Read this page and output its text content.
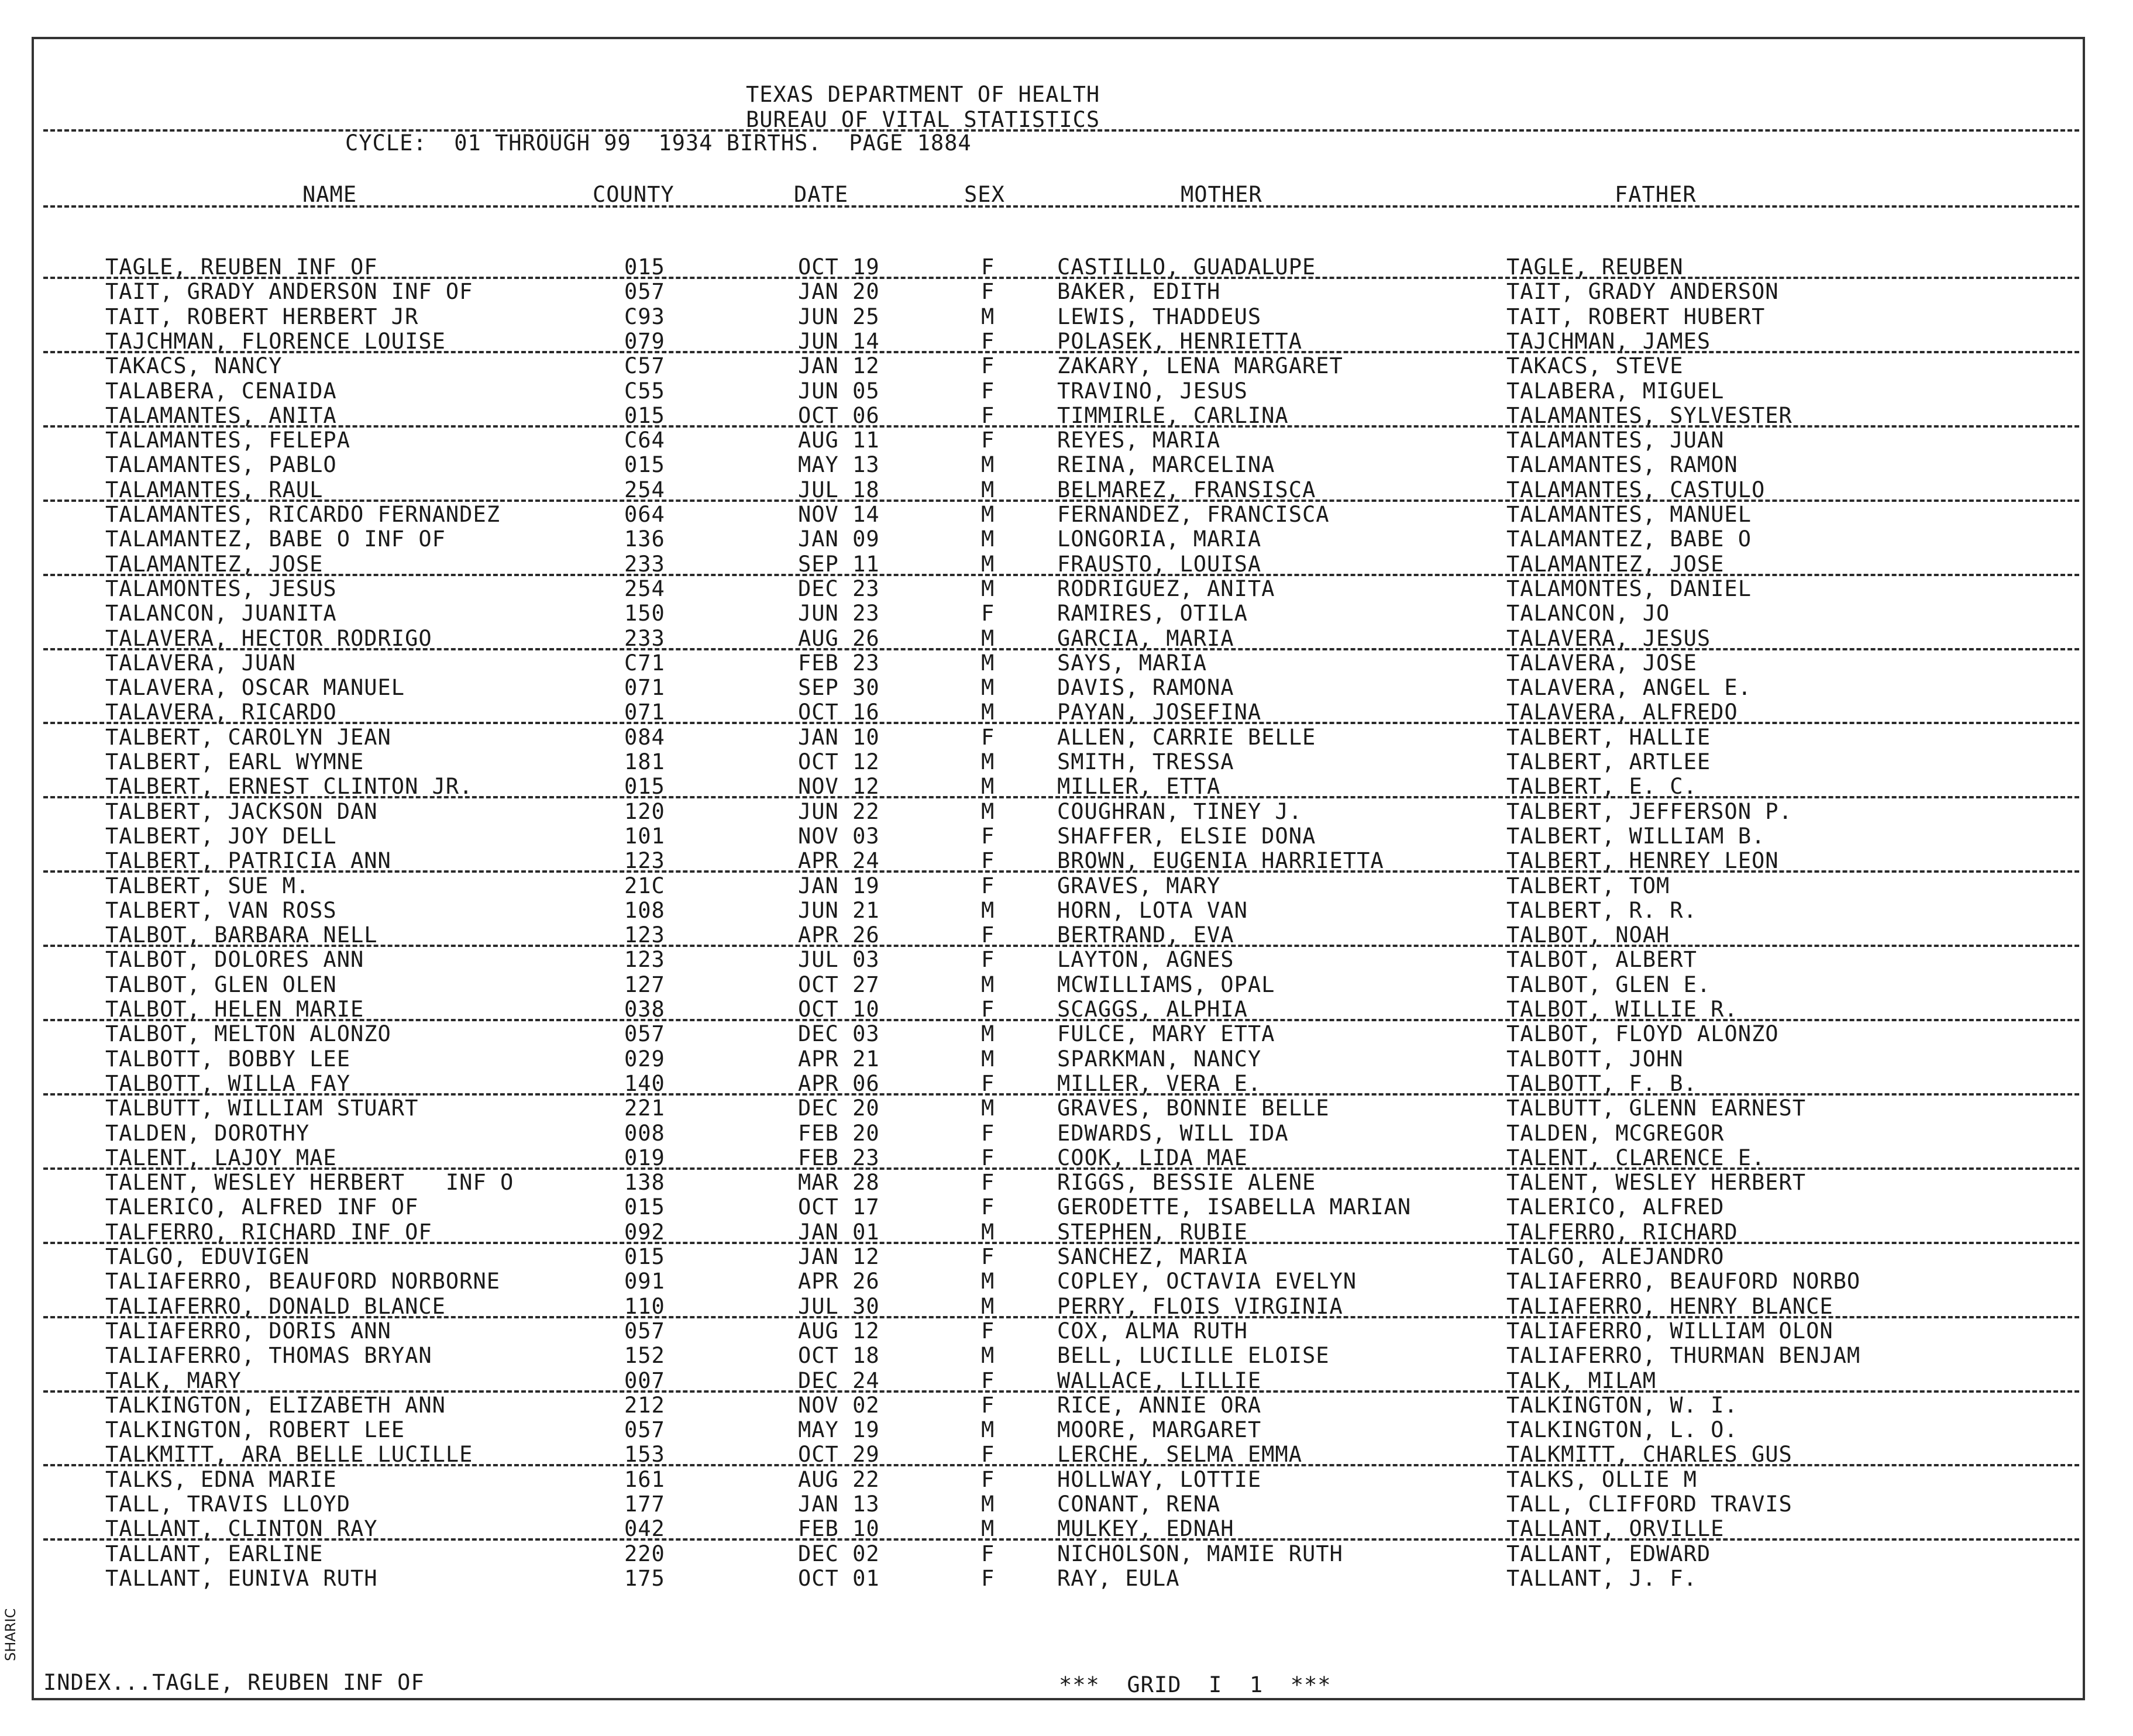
TEXAS DEPARTMENT OF HEALTH
BUREAU OF VITAL STATISTICS
CYCLE:  01 THROUGH 99  1934 BIRTHS.  PAGE 1884
NAME	COUNTY	DATE	SEX	MOTHER	FATHER
TAGLE, REUBEN INF OF	015	OCT 19	F	CASTILLO, GUADALUPE	TAGLE, REUBEN
TAIT, GRADY ANDERSON INF OF	057	JAN 20	F	BAKER, EDITH	TAIT, GRADY ANDERSON
TAIT, ROBERT HERBERT JR	C93	JUN 25	M	LEWIS, THADDEUS	TAIT, ROBERT HUBERT
TAJCHMAN, FLORENCE LOUISE	079	JUN 14	F	POLASEK, HENRIETTA	TAJCHMAN, JAMES
TAKACS, NANCY	C57	JAN 12	F	ZAKARY, LENA MARGARET	TAKACS, STEVE
TALABERA, CENAIDA	C55	JUN 05	F	TRAVINO, JESUS	TALABERA, MIGUEL
TALAMANTES, ANITA	015	OCT 06	F	TIMMIRLE, CARLINA	TALAMANTES, SYLVESTER
TALAMANTES, FELEPA	C64	AUG 11	F	REYES, MARIA	TALAMANTES, JUAN
TALAMANTES, PABLO	015	MAY 13	M	REINA, MARCELINA	TALAMANTES, RAMON
TALAMANTES, RAUL	254	JUL 18	M	BELMAREZ, FRANSISCA	TALAMANTES, CASTULO
TALAMANTES, RICARDO FERNANDEZ	064	NOV 14	M	FERNANDEZ, FRANCISCA	TALAMANTES, MANUEL
TALAMANTEZ, BABE O INF OF	136	JAN 09	M	LONGORIA, MARIA	TALAMANTEZ, BABE O
TALAMANTEZ, JOSE	233	SEP 11	M	FRAUSTO, LOUISA	TALAMANTEZ, JOSE
TALAMONTES, JESUS	254	DEC 23	M	RODRIGUEZ, ANITA	TALAMONTES, DANIEL
TALANCON, JUANITA	150	JUN 23	F	RAMIRES, OTILA	TALANCON, JO
TALAVERA, HECTOR RODRIGO	233	AUG 26	M	GARCIA, MARIA	TALAVERA, JESUS
TALAVERA, JUAN	C71	FEB 23	M	SAYS, MARIA	TALAVERA, JOSE
TALAVERA, OSCAR MANUEL	071	SEP 30	M	DAVIS, RAMONA	TALAVERA, ANGEL E.
TALAVERA, RICARDO	071	OCT 16	M	PAYAN, JOSEFINA	TALAVERA, ALFREDO
TALBERT, CAROLYN JEAN	084	JAN 10	F	ALLEN, CARRIE BELLE	TALBERT, HALLIE
TALBERT, EARL WYMNE	181	OCT 12	M	SMITH, TRESSA	TALBERT, ARTLEE
TALBERT, ERNEST CLINTON JR.	015	NOV 12	M	MILLER, ETTA	TALBERT, E. C.
TALBERT, JACKSON DAN	120	JUN 22	M	COUGHRAN, TINEY J.	TALBERT, JEFFERSON P.
TALBERT, JOY DELL	101	NOV 03	F	SHAFFER, ELSIE DONA	TALBERT, WILLIAM B.
TALBERT, PATRICIA ANN	123	APR 24	F	BROWN, EUGENIA HARRIETTA	TALBERT, HENREY LEON
TALBERT, SUE M.	21C	JAN 19	F	GRAVES, MARY	TALBERT, TOM
TALBERT, VAN ROSS	108	JUN 21	M	HORN, LOTA VAN	TALBERT, R. R.
TALBOT, BARBARA NELL	123	APR 26	F	BERTRAND, EVA	TALBOT, NOAH
TALBOT, DOLORES ANN	123	JUL 03	F	LAYTON, AGNES	TALBOT, ALBERT
TALBOT, GLEN OLEN	127	OCT 27	M	MCWILLIAMS, OPAL	TALBOT, GLEN E.
TALBOT, HELEN MARIE	038	OCT 10	F	SCAGGS, ALPHIA	TALBOT, WILLIE R.
TALBOT, MELTON ALONZO	057	DEC 03	M	FULCE, MARY ETTA	TALBOT, FLOYD ALONZO
TALBOTT, BOBBY LEE	029	APR 21	M	SPARKMAN, NANCY	TALBOTT, JOHN
TALBOTT, WILLA FAY	140	APR 06	F	MILLER, VERA E.	TALBOTT, F. B.
TALBUTT, WILLIAM STUART	221	DEC 20	M	GRAVES, BONNIE BELLE	TALBUTT, GLENN EARNEST
TALDEN, DOROTHY	008	FEB 20	F	EDWARDS, WILL IDA	TALDEN, MCGREGOR
TALENT, LAJOY MAE	019	FEB 23	F	COOK, LIDA MAE	TALENT, CLARENCE E.
TALENT, WESLEY HERBERT   INF O	138	MAR 28	F	RIGGS, BESSIE ALENE	TALENT, WESLEY HERBERT
TALERICO, ALFRED INF OF	015	OCT 17	F	GERODETTE, ISABELLA MARIAN	TALERICO, ALFRED
TALFERRO, RICHARD INF OF	092	JAN 01	M	STEPHEN, RUBIE	TALFERRO, RICHARD
TALGO, EDUVIGEN	015	JAN 12	F	SANCHEZ, MARIA	TALGO, ALEJANDRO
TALIAFERRO, BEAUFORD NORBORNE	091	APR 26	M	COPLEY, OCTAVIA EVELYN	TALIAFERRO, BEAUFORD NORBO
TALIAFERRO, DONALD BLANCE	110	JUL 30	M	PERRY, FLOIS VIRGINIA	TALIAFERRO, HENRY BLANCE
TALIAFERRO, DORIS ANN	057	AUG 12	F	COX, ALMA RUTH	TALIAFERRO, WILLIAM OLON
TALIAFERRO, THOMAS BRYAN	152	OCT 18	M	BELL, LUCILLE ELOISE	TALIAFERRO, THURMAN BENJAM
TALK, MARY	007	DEC 24	F	WALLACE, LILLIE	TALK, MILAM
TALKINGTON, ELIZABETH ANN	212	NOV 02	F	RICE, ANNIE ORA	TALKINGTON, W. I.
TALKINGTON, ROBERT LEE	057	MAY 19	M	MOORE, MARGARET	TALKINGTON, L. O.
TALKMITT, ARA BELLE LUCILLE	153	OCT 29	F	LERCHE, SELMA EMMA	TALKMITT, CHARLES GUS
TALKS, EDNA MARIE	161	AUG 22	F	HOLLWAY, LOTTIE	TALKS, OLLIE M
TALL, TRAVIS LLOYD	177	JAN 13	M	CONANT, RENA	TALL, CLIFFORD TRAVIS
TALLANT, CLINTON RAY	042	FEB 10	M	MULKEY, EDNAH	TALLANT, ORVILLE
TALLANT, EARLINE	220	DEC 02	F	NICHOLSON, MAMIE RUTH	TALLANT, EDWARD
TALLANT, EUNIVA RUTH	175	OCT 01	F	RAY, EULA	TALLANT, J. F.
INDEX...TAGLE, REUBEN INF OF	***  GRID  I  1  ***
SHARIC
